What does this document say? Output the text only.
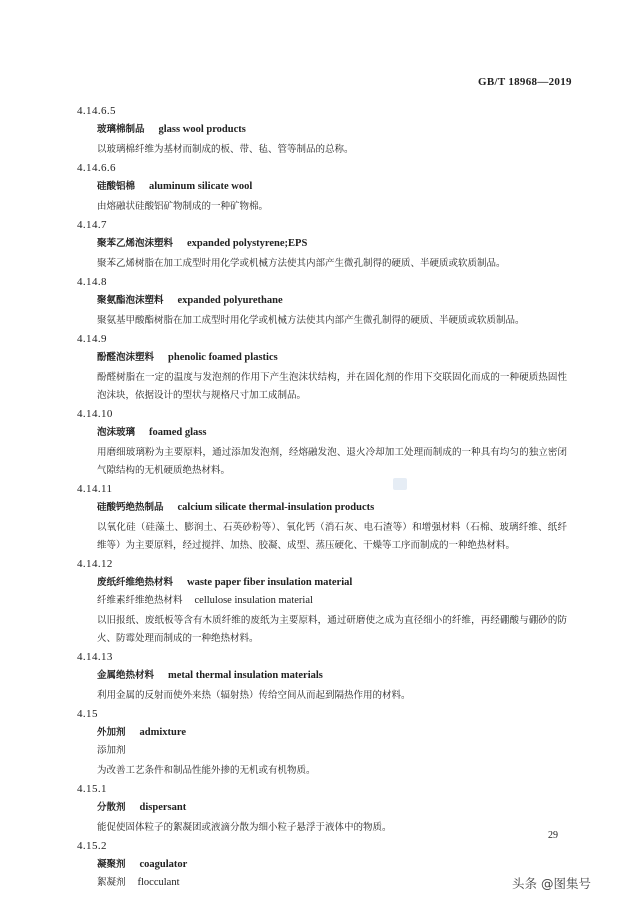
GB/T 18968—2019
4.14.6.5
玻璃棉制品 glass wool products
以玻璃棉纤维为基材而制成的板、带、毡、管等制品的总称。
4.14.6.6
硅酸铝棉 aluminum silicate wool
由熔融状硅酸铝矿物制成的一种矿物棉。
4.14.7
聚苯乙烯泡沫塑料 expanded polystyrene;EPS
聚苯乙烯树脂在加工成型时用化学或机械方法使其内部产生微孔制得的硬质、半硬质或软质制品。
4.14.8
聚氨酯泡沫塑料 expanded polyurethane
聚氨基甲酸酯树脂在加工成型时用化学或机械方法使其内部产生微孔制得的硬质、半硬质或软质制品。
4.14.9
酚醛泡沫塑料 phenolic foamed plastics
酚醛树脂在一定的温度与发泡剂的作用下产生泡沫状结构，并在固化剂的作用下交联固化而成的一种硬质热固性泡沫块，依据设计的型状与规格尺寸加工成制品。
4.14.10
泡沫玻璃 foamed glass
用磨细玻璃粉为主要原料，通过添加发泡剂，经熔融发泡、退火冷却加工处理而制成的一种具有均匀的独立密闭气隙结构的无机硬质绝热材料。
4.14.11
硅酸钙绝热制品 calcium silicate thermal-insulation products
以氧化硅（硅藻土、膨润土、石英砂粉等）、氧化钙（消石灰、电石渣等）和增强材料（石棉、玻璃纤维、纸纤维等）为主要原料，经过搅拌、加热、胶凝、成型、蒸压硬化、干燥等工序而制成的一种绝热材料。
4.14.12
废纸纤维绝热材料 waste paper fiber insulation material
纤维素纤维绝热材料 cellulose insulation material
以旧报纸、废纸板等含有木质纤维的废纸为主要原料，通过研磨使之成为直径细小的纤维，再经硼酸与硼砂的防火、防霉处理而制成的一种绝热材料。
4.14.13
金属绝热材料 metal thermal insulation materials
利用金属的反射而使外来热（辐射热）传给空间从而起到隔热作用的材料。
4.15
外加剂 admixture
添加剂
为改善工艺条件和制品性能外掺的无机或有机物质。
4.15.1
分散剂 dispersant
能促使固体粒子的絮凝团或液滴分散为细小粒子悬浮于液体中的物质。
4.15.2
凝聚剂 coagulator
絮凝剂 flocculant
29
头条 @图集号
